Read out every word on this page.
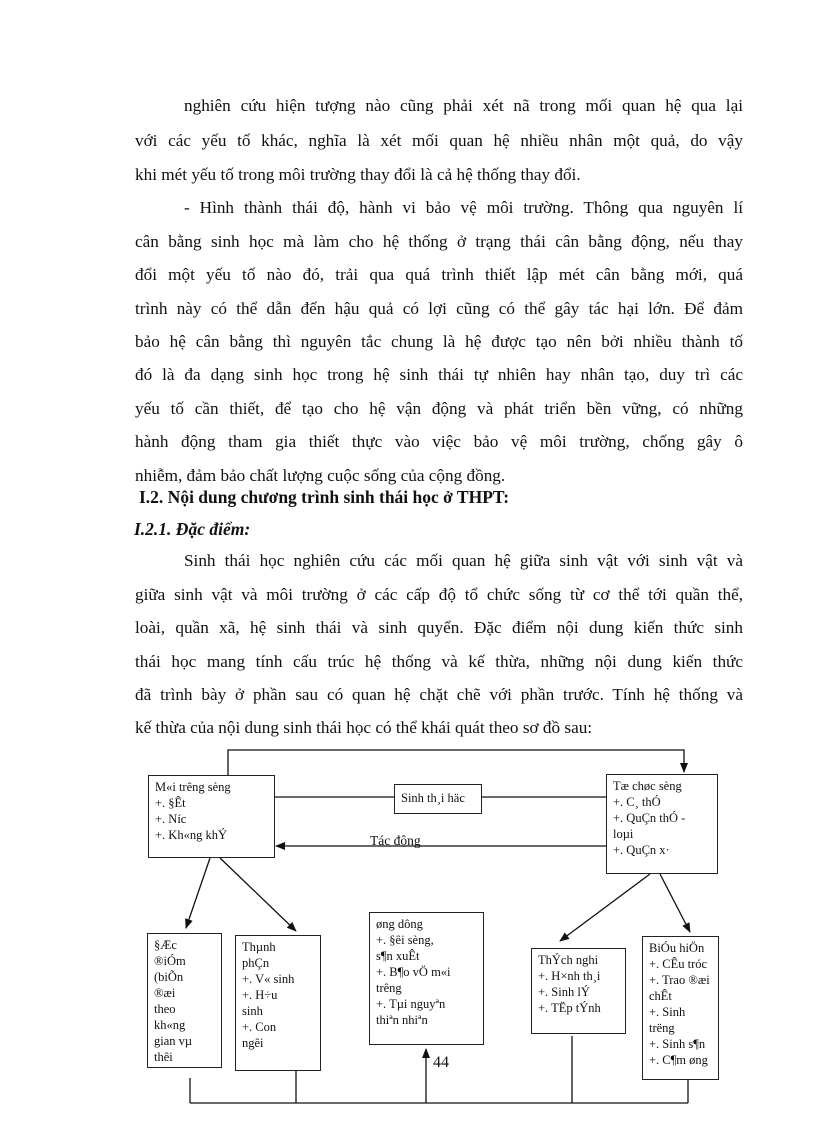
nghiên cứu hiện tượng nào cũng phải xét nã trong mối quan hệ qua lại
với các yếu tố khác, nghĩa là xét mối quan hệ nhiều nhân một quả, do vậy
khi mét yếu tố trong môi trường thay đổi là cả hệ thống thay đổi.
- Hình thành thái độ, hành vi bảo vệ môi trường. Thông qua nguyên lí
cân bằng sinh học mà làm cho hệ thống ở trạng thái cân bằng động, nếu thay
đổi một yếu tố nào đó, trải qua quá trình thiết lập mét cân bằng mới, quá
trình này có thể dẫn đến hậu quả có lợi cũng có thể gây tác hại lớn. Để đảm
bảo hệ cân bằng thì nguyên tắc chung là hệ được tạo nên bởi nhiều thành tố
đó là đa dạng sinh học trong hệ sinh thái tự nhiên hay nhân tạo, duy trì các
yếu tố cần thiết, để tạo cho hệ vận động và phát triển bền vững, có những
hành động tham gia thiết thực vào việc bảo vệ môi trường, chống gây ô
nhiễm, đảm bảo chất lượng cuộc sống của cộng đồng.
I.2. Nội dung chương trình sinh thái học ở THPT:
I.2.1. Đặc điểm:
Sinh thái học nghiên cứu các mối quan hệ giữa sinh vật với sinh vật và
giữa sinh vật và môi trường ở các cấp độ tổ chức sống từ cơ thể tới quần thể,
loài, quần xã, hệ sinh thái và sinh quyển. Đặc điểm nội dung kiến thức sinh
thái học mang tính cấu trúc hệ thống và kế thừa, những nội dung kiến thức
đã trình bày ở phần sau có quan hệ chặt chẽ với phần trước. Tính hệ thống và
kế thừa của nội dung sinh thái học có thể khái quát theo sơ đồ sau:
M«i trêng sèng
+. §Êt
+. Níc
+. Kh«ng khÝ
Sinh th¸i häc
Tæ chøc sèng
+. C¸ thÓ
+. QuÇn thÓ -
loµi
+. QuÇn x·
Tác động
§Æc
®iÓm
(biÕn
®æi
theo
kh«ng
gian vµ
thêi
Thµnh
phÇn
+. V« sinh
+. H÷u
sinh
+. Con
ngêi
øng dông
+. §êi sèng,
s¶n xuÊt
+. B¶o vÖ m«i
trêng
+. Tµi nguyªn
thiªn nhiªn
ThÝch nghi
+. H×nh th¸i
+. Sinh lÝ
+. TËp tÝnh
BiÓu hiÖn
+. CÊu tróc
+. Trao ®æi
chÊt
+. Sinh
trëng
+. Sinh s¶n
+. C¶m øng
44
